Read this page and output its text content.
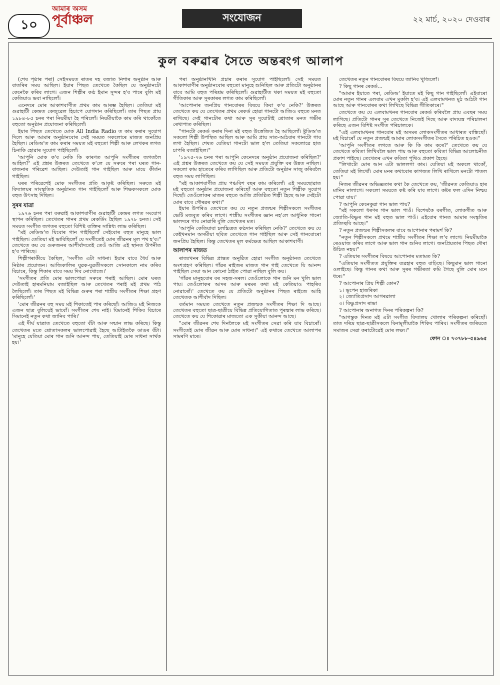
১০
আমাৰ অসম
পূৰ্বাঞ্চল	সংযোজন	২২ মাৰ্চ, ২০২০ দেওবাৰ
কুল বৰুৱাৰ সৈতে অন্তৰংগ আলাপ

(শেষ পৃষ্ঠাৰ পৰা) সেইসময়ত ৰাতৰ দহ বজাত নিশাৰ অনুষ্ঠান আৰু বাতৰিৰ সময় আছিল। ইয়াৰ পিছত তেখেতে কৈছিল যে অনুষ্ঠানটো কেনেকৈ কৰিব লাগে। এজন শিল্পীৰ কণ্ঠ ইমান সুন্দৰ হ'ব পাৰে বুলি মই কেতিয়াও ভবা নাছিলোঁ।

এনেদৰে মোৰ আকাশবাণীত প্ৰথম কাম আৰম্ভ হৈছিল। তেতিয়া মই গুৱাহাটী কেন্দ্ৰত কেজুৱেল হিচাপে যোগদান কৰিছিলোঁ। তাৰ পিছত প্ৰায় ১৯৮৪-৮৫ চনৰ পৰা নিয়মীয়া হৈ পৰিলোঁ। নিয়মীয়াকৈ কাম কৰি থাকোঁতে বহুতো অনুষ্ঠান প্ৰযোজনা কৰিছিলোঁ।

ইয়াৰ পিছত তেখেতে মোক All India Radio ত কাম কৰাৰ সুযোগ দিলে আৰু আমাৰ অনুষ্ঠানবোৰ সেই সময়ত সকলোৰে মাজত জনপ্ৰিয় হৈছিল। ৰেডিঅ'ত কাম কৰাৰ সময়ত মই বহুতো শিল্পী আৰু লেখকৰ লগত চিনাকি হোৱাৰ সুযোগ পাইছিলোঁ।

'আপুনি মোক ক'ব নেকি কি কাৰণত আপুনি সংগীতৰ জগতলৈ আহিল?' এই প্ৰশ্নৰ উত্তৰত তেখেতে ক'লে যে সৰুৰে পৰা ঘৰত গান-বাজনাৰ পৰিৱেশ আছিল। দেউতাই গান গাইছিল আৰু মায়ে কীৰ্তন গাইছিল।

ঘৰৰ পৰিৱেশেই মোক সংগীতৰ প্ৰতি আকৃষ্ট কৰিছিল। সৰুতে মই বিদ্যালয়ৰ সাংস্কৃতিক অনুষ্ঠানত গান গাইছিলোঁ আৰু শিক্ষকসকলে মোক বহুত উৎসাহ দিছিল।

সুৰৰ যাত্ৰা

১৯৭৬ চনৰ পৰা বৰুৱাই আকাশবাণীৰ গুৱাহাটী কেন্দ্ৰৰ লগত সংযোগ স্থাপন কৰিছিল। তেখেতৰ গানৰ প্ৰথম ৰেকৰ্ডিং হৈছিল ১৯৭৮ চনত। সেই সময়ত সংগীত জগতৰ বহুতো বিশিষ্ট ব্যক্তিৰ সান্নিধ্য লাভ কৰিছিল।

"মই ৰেডিঅ'ত যিবোৰ গান গাইছিলোঁ সেইবোৰ বহুত মানুহে ভাল পাইছিল। তেতিয়া মই ভাবিছিলোঁ যে সংগীতেই মোৰ জীৱনৰ মূল পথ হ'ব।" তেখেতে কয় যে গুৰুজনৰ আশীৰ্বাদতেই তেওঁ আজি এই স্থানত উপনীত হ'ব পাৰিছে।

শিল্পীগৰাকীয়ে কৈছিল, 'সংগীত এটা সাধনা। ইয়াৰ বাবে ধৈৰ্য আৰু নিষ্ঠাৰ প্ৰয়োজন। আজিকালিৰ যুৱক-যুৱতীসকলে সোনকালে নাম কৰিব বিচাৰে, কিন্তু শিকাৰ বাবে সময় দিব নোখোজে।'

'সংগীতৰ প্ৰতি মোৰ ভালপোৱা সৰুৰে পৰাই আছিল। মোৰ ঘৰত দেউতাই হাৰমনিয়াম বজাইছিল আৰু তেখেতৰ পৰাই মই প্ৰথম পাঠ লৈছিলোঁ। তাৰ পিছত মই বিভিন্ন গুৰুৰ পৰা শাস্ত্ৰীয় সংগীতৰ শিক্ষা গ্ৰহণ কৰিছিলোঁ।'

'মোৰ জীৱনৰ বহু সময় মই শিকাতেই পাৰ কৰিছোঁ। আজিও মই নিজকে এজন ছাত্ৰ বুলিয়েই ভাবোঁ। সংগীতৰ শেষ নাই। যিমানেই শিকিব বিচাৰে সিমানেই নতুন কথা জানিব পাৰি।'

এই দীৰ্ঘ যাত্ৰাত তেখেতে বহুতো বঁটা আৰু সন্মান লাভ কৰিছে। কিন্তু তেখেতৰ মতে শ্ৰোতাসকলৰ ভালপোৱাই হৈছে আটাইতকৈ ডাঙৰ বঁটা। 'মানুহে যেতিয়া মোৰ গান শুনি আনন্দ পায়, তেতিয়াই মোৰ সাধনা সাৰ্থক হয়।'

পৰা অনুষ্ঠানখিনি প্ৰচাৰ কৰাৰ সুযোগ পাইছিলোঁ। সেই সময়ত আকাশবাণীৰ অনুষ্ঠানবোৰ বহুতো মানুহে শুনিছিল আৰু প্ৰতিটো অনুষ্ঠানৰ বাবে আমি বহুত পৰিশ্ৰম কৰিছিলোঁ। গুৱাহাটীত থকা সময়ত মই বহুতো গীতিকাৰ আৰু সুৰকাৰৰ লগত কাম কৰিছিলোঁ।

'আপোনাৰ জনপ্ৰিয় গানবোৰৰ বিষয়ে কিবা ক'ব নেকি?' উত্তৰত তেখেতে কয় যে তেখেতৰ প্ৰথম ৰেকৰ্ড হোৱা গানটো আজিও বহুতে মনত ৰাখিছে। সেই গানটোৰ কথা আৰু সুৰ দুয়োটাই শ্ৰোতাৰ মনত গভীৰ ৰেখাপাত কৰিছিল।

"গানটো ৰেকৰ্ড কৰাৰ দিনা মই বহুত উত্তেজিত হৈ আছিলোঁ। ষ্টুডিঅ'ত সকলো শিল্পী উপস্থিত আছিল আৰু আমি প্ৰায় সাত-আঠবাৰ গানটো গাব লগা হৈছিল। শেষত যেতিয়া গানটো ভাল হ'ল তেতিয়া সকলোৱে হাত চাপৰি বজাইছিল।"

'১৯৭৫-৭৬ চনৰ পৰা আপুনি কেনেদৰে অনুষ্ঠান প্ৰযোজনা কৰিছিল?' এই প্ৰশ্নৰ উত্তৰত তেখেতে কয় যে সেই সময়ত প্ৰযুক্তি বৰ উন্নত নাছিল। সকলো কাম হাতেৰে কৰিব লাগিছিল আৰু প্ৰতিটো অনুষ্ঠান সাজু কৰিবলৈ বহুত সময় লাগিছিল।

"মই আকাশবাণীত প্ৰায় পঞ্চবিশ বছৰ কাম কৰিলোঁ। এই সময়ছোৱাত মই বহুতো অনুষ্ঠান প্ৰযোজনা কৰিছোঁ আৰু বহুতো নতুন শিল্পীক সুযোগ দিছোঁ। তেওঁলোকৰ মাজৰ বহুতে আজি প্ৰতিষ্ঠিত শিল্পী হৈছে আৰু সেইটো মোৰ বাবে গৌৰৱৰ কথা।"

ইয়াৰ উপৰিও তেখেতে কয় যে নতুন প্ৰজন্মৰ শিল্পীসকলে সংগীতৰ ভেটি মজবুত কৰিব লাগে। শাস্ত্ৰীয় সংগীতৰ জ্ঞান নহ'লে আধুনিক গানো ভালদৰে গাব নোৱাৰি বুলি তেখেতৰ মত।

'আপুনি কেতিয়াবা চলচ্চিত্ৰত কণ্ঠদান কৰিছিল নেকি?' তেখেতে কয় যে কেইখনমান অসমীয়া ছবিত তেখেতে গান গাইছিল আৰু সেই গানবোৰো জনপ্ৰিয় হৈছিল। কিন্তু তেখেতৰ মূল কৰ্মক্ষেত্ৰ আছিল আকাশবাণী।

আলাপৰ মাজত

ৰাজ্যখনৰ বিভিন্ন প্ৰান্তত অনুষ্ঠিত হোৱা সংগীত অনুষ্ঠানত তেখেতে অংশগ্ৰহণ কৰিছিল। গাঁৱৰ ৰাইজৰ মাজত গান গাই তেখেতে যি আনন্দ পাইছিল সেয়া আন কোনো ঠাইত পোৱা নাছিল বুলি কয়।

'গাঁৱৰ মানুহবোৰ বৰ সহজ-সৰল। তেওঁলোকে গান শুনি মন খুলি ভাল পায়। তেওঁলোকৰ আদৰ আৰু মৰমৰ কথা মই কেতিয়াও পাহৰিব নোৱাৰোঁ।' তেখেতে কয় যে প্ৰতিটো অনুষ্ঠানৰ পিছত ৰাইজে আহি তেখেতক আশীৰ্বাদ দিছিল।

বৰ্তমান সময়ত তেখেতে নতুন প্ৰজন্মক সংগীতৰ শিক্ষা দি আছে। তেখেতৰ বহুতো ছাত্ৰ-ছাত্ৰীয়ে বিভিন্ন প্ৰতিযোগিতাত পুৰস্কাৰ লাভ কৰিছে। তেখেতে কয় যে শিকোৱাৰ মাজতো এক সুকীয়া আনন্দ আছে।

"মোৰ জীৱনৰ শেষ দিনলৈকে মই সংগীতৰ সেৱা কৰি যাব বিচাৰোঁ। সংগীতেই মোৰ জীৱন আৰু মোৰ সাধনা।" এই কথাৰে তেখেতে আলাপৰ সামৰণি মাৰে।

তেখেতৰ নতুন গানবোৰৰ বিষয়ে জানিব খুজিলোঁ।

? কিছু গানৰ ৰেকৰ্ড...

"আমাৰ ইয়াতে পৰা, ৰেডিঅ' ইয়াতে মই কিছু গান গাইছিলোঁ। এইবাৰো মোৰ নতুন গানৰ এলবাম এখন মুকলি হ'ব। এই এলবামখনত মুঠ আঠটা গান আছে আৰু গানবোৰৰ কথা লিখিছে বিভিন্ন গীতিকাৰে।"

তেখেতে কয় যে এলবামখনৰ গানবোৰ ৰেকৰ্ড কৰিবলৈ প্ৰায় এবছৰ সময় লাগিছে। প্ৰতিটো গানৰ সুৰ তেখেতে নিজেই দিছে আৰু বাদ্যযন্ত্ৰ পৰিচালনা কৰিছে এজন বিশিষ্ট সংগীত পৰিচালকে।

"এই এলবামখনৰ গানবোৰ মই অসমৰ লোকসংগীতৰ আধাৰত বান্ধিছোঁ। মই বিচাৰোঁ যে নতুন প্ৰজন্মই আমাৰ লোকসংগীতৰ সৈতে পৰিচিত হওক।"

'আপুনি সংগীতৰ লগতে আৰু কি কি কাম কৰে?' তেখেতে কয় যে তেখেতে কবিতা লিখিবলৈ ভাল পায় আৰু বহুতো কবিতা বিভিন্ন আলোচনীত প্ৰকাশ পাইছে। তেখেতৰ এখন কবিতা পুথিও প্ৰকাশ হৈছে।

"লিখাটো মোৰ আন এটা ভাললগা কাম। যেতিয়া মই অকলে থাকোঁ, তেতিয়া মই লিখোঁ। মোৰ মনৰ কথাবোৰ কাগজত লিখি ৰাখিলে মনটো পাতল হয়।"

নিজৰ জীৱনৰ অভিজ্ঞতাৰ কথা কৈ তেখেতে কয়, 'জীৱনত কেতিয়াও হাৰ মানিব নালাগে। সকলো সময়তে কষ্ট কৰি যাব লাগে। কষ্টৰ ফল এদিন নিশ্চয় পোৱা যায়।'

? আপুনি কেনেকুৱা গান ভাল পায়?

"মই সকলো ধৰণৰ গান ভাল পাওঁ। বিশেষকৈ বৰগীত, লোকগীত আৰু জ্যোতি-বিষ্ণুৰ গান মই বহুত ভাল পাওঁ। এইবোৰ গানত আমাৰ সংস্কৃতিৰ প্ৰতিচ্ছবি আছে।"

? নতুন প্ৰজন্মৰ শিল্পীসকলৰ বাবে আপোনাৰ পৰামৰ্শ কি?

"নতুন শিল্পীসকলে প্ৰথমে শাস্ত্ৰীয় সংগীতৰ শিক্ষা ল'ব লাগে। নিয়মীয়াকৈ ৰেওয়াজ কৰিব লাগে আৰু ভাল গান শুনিব লাগে। জনপ্ৰিয়তাৰ পিছত দৌৰা উচিত নহয়।"

? এতিয়াৰ সংগীতৰ বিষয়ে আপোনাৰ মতামত কি?

"এতিয়াৰ সংগীতত প্ৰযুক্তিৰ ব্যৱহাৰ বহুত বাঢ়িছে। কিছুমান ভাল গানো ওলাইছে। কিন্তু গানৰ কথা আৰু সুৰৰ গভীৰতা কমি গৈছে বুলি মোৰ মনে ধৰে।"

? আপোনাৰ প্ৰিয় শিল্পী কোন?

১। ভূপেন হাজৰিকা

২। জ্যোতিপ্ৰসাদ আগৰৱালা

৩। বিষ্ণুপ্ৰসাদ ৰাভা

? আপোনাৰ অনাগত দিনৰ পৰিকল্পনা কি?

"আগন্তুক দিনত মই এটা সংগীত বিদ্যালয় খোলাৰ পৰিকল্পনা কৰিছোঁ। তাত দৰিদ্ৰ ছাত্ৰ-ছাত্ৰীসকলে বিনামূলীয়াকৈ শিকিব পাৰিব। সংগীতৰ জৰিয়তে সমাজৰ সেৱা কৰাটোৱেই মোৰ লক্ষ্য।"

ফোন ঃ ৭৩৭৮৮-৫৪৯৬৫
